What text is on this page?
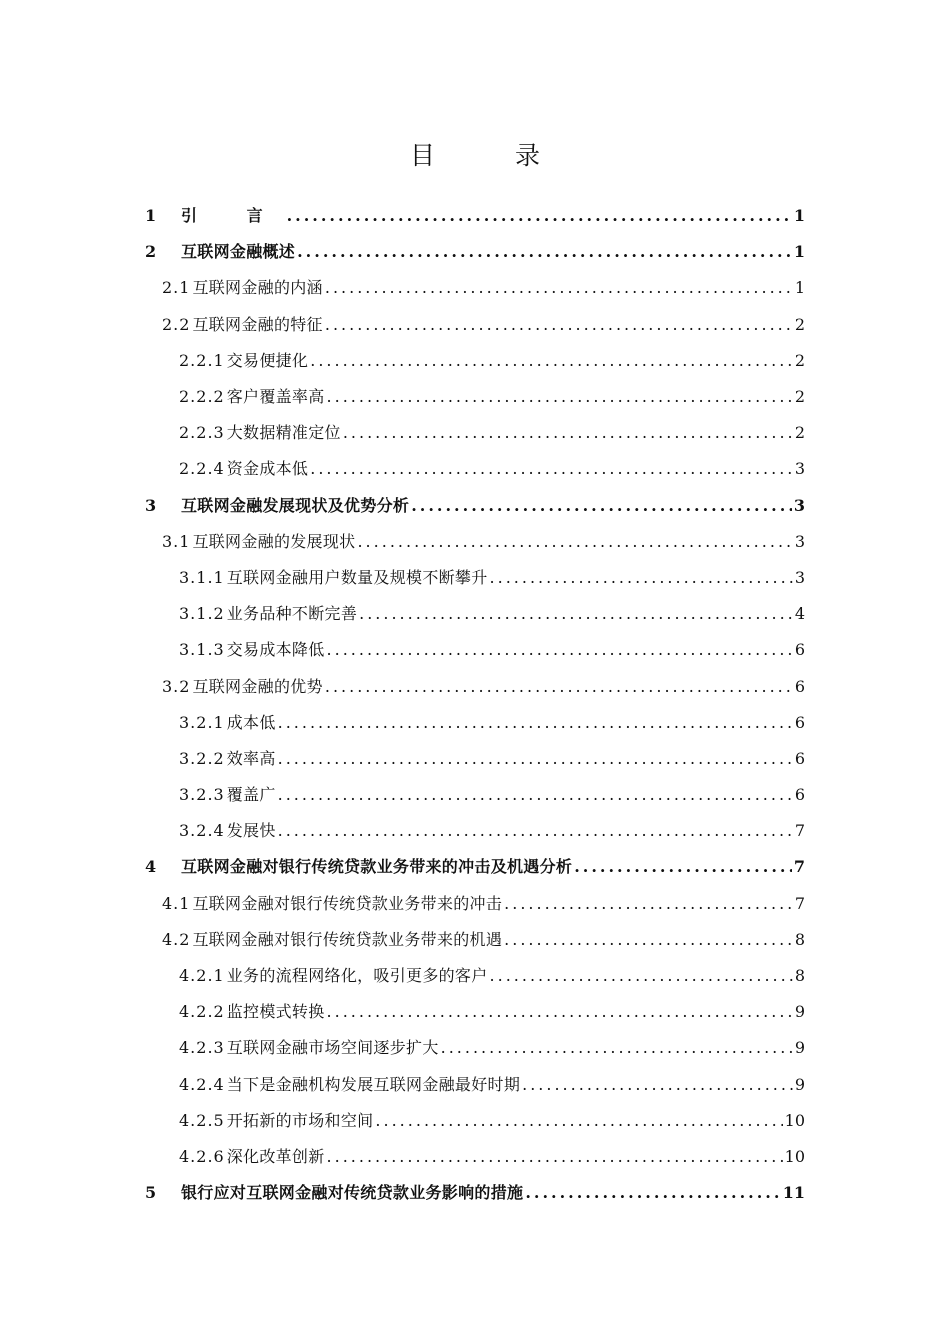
目 录
1	引 言 .....	1
2	互联网金融概述 .....	1
2.1 互联网金融的内涵 .....	1
2.2 互联网金融的特征 .....	2
2.2.1 交易便捷化 .....	2
2.2.2 客户覆盖率高 .....	2
2.2.3 大数据精准定位 .....	2
2.2.4 资金成本低 .....	3
3	互联网金融发展现状及优势分析 .....	3
3.1 互联网金融的发展现状 .....	3
3.1.1 互联网金融用户数量及规模不断攀升 .....	3
3.1.2 业务品种不断完善 .....	4
3.1.3 交易成本降低 .....	6
3.2 互联网金融的优势 .....	6
3.2.1 成本低 .....	6
3.2.2 效率高 .....	6
3.2.3 覆盖广 .....	6
3.2.4 发展快 .....	7
4	互联网金融对银行传统贷款业务带来的冲击及机遇分析 .....	7
4.1 互联网金融对银行传统贷款业务带来的冲击 .....	7
4.2 互联网金融对银行传统贷款业务带来的机遇 .....	8
4.2.1 业务的流程网络化，吸引更多的客户 .....	8
4.2.2 监控模式转换 .....	9
4.2.3 互联网金融市场空间逐步扩大 .....	9
4.2.4 当下是金融机构发展互联网金融最好时期 .....	9
4.2.5 开拓新的市场和空间 .....	10
4.2.6 深化改革创新 .....	10
5	银行应对互联网金融对传统贷款业务影响的措施 .....	11
